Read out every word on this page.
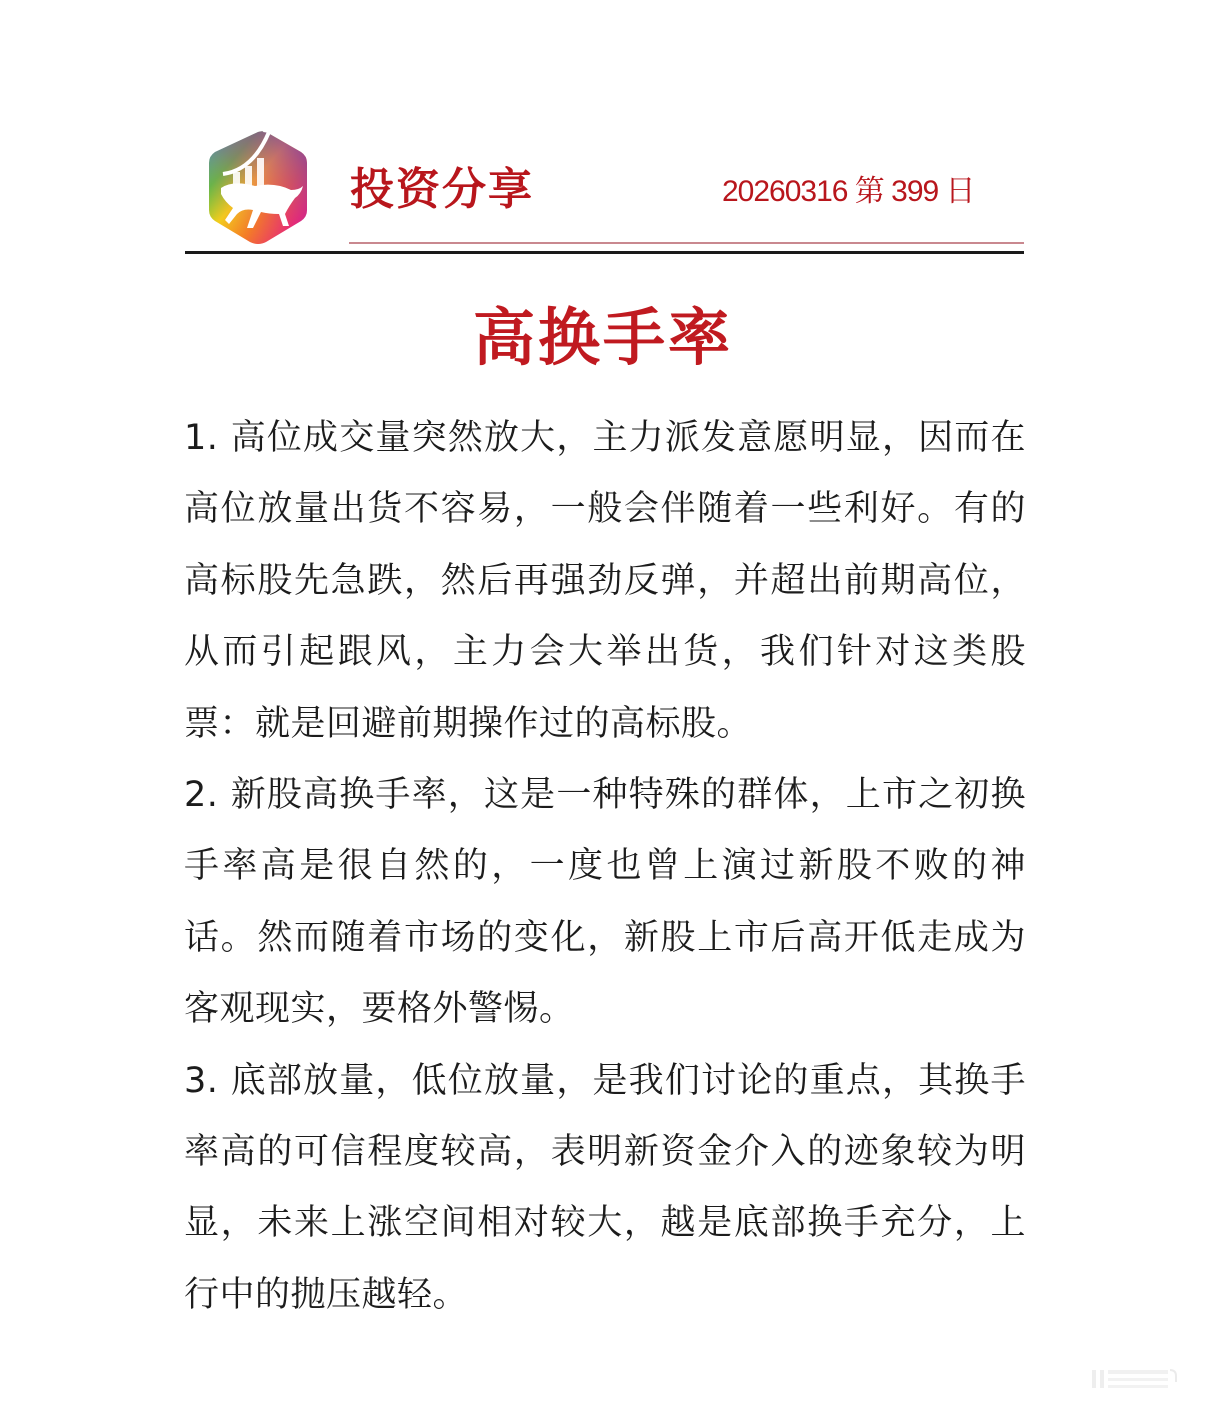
投资分享	20260316 第 399 日
高换手率

1. 高位成交量突然放大，主力派发意愿明显，因而在高位放量出货不容易，一般会伴随着一些利好。有的高标股先急跌，然后再强劲反弹，并超出前期高位，从而引起跟风，主力会大举出货，我们针对这类股票：就是回避前期操作过的高标股。

2. 新股高换手率，这是一种特殊的群体，上市之初换手率高是很自然的，一度也曾上演过新股不败的神话。然而随着市场的变化，新股上市后高开低走成为客观现实，要格外警惕。

3. 底部放量，低位放量，是我们讨论的重点，其换手率高的可信程度较高，表明新资金介入的迹象较为明显，未来上涨空间相对较大，越是底部换手充分，上行中的抛压越轻。
